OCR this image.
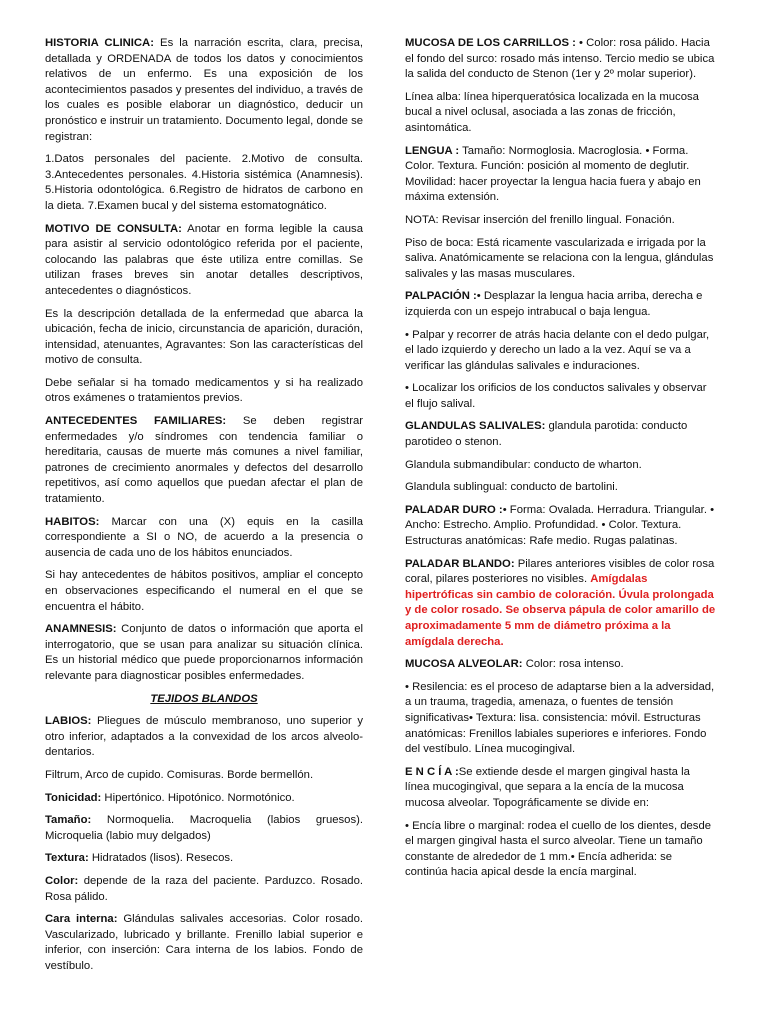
HISTORIA CLINICA: Es la narración escrita, clara, precisa, detallada y ORDENADA de todos los datos y conocimientos relativos de un enfermo. Es una exposición de los acontecimientos pasados y presentes del individuo, a través de los cuales es posible elaborar un diagnóstico, deducir un pronóstico e instruir un tratamiento. Documento legal, donde se registran:

1.Datos personales del paciente. 2.Motivo de consulta. 3.Antecedentes personales. 4.Historia sistémica (Anamnesis). 5.Historia odontológica. 6.Registro de hidratos de carbono en la dieta. 7.Examen bucal y del sistema estomatognático.

MOTIVO DE CONSULTA: Anotar en forma legible la causa para asistir al servicio odontológico referida por el paciente, colocando las palabras que éste utiliza entre comillas. Se utilizan frases breves sin anotar detalles descriptivos, antecedentes o diagnósticos.

Es la descripción detallada de la enfermedad que abarca la ubicación, fecha de inicio, circunstancia de aparición, duración, intensidad, atenuantes, Agravantes: Son las características del motivo de consulta.

Debe señalar si ha tomado medicamentos y si ha realizado otros exámenes o tratamientos previos.

ANTECEDENTES FAMILIARES: Se deben registrar enfermedades y/o síndromes con tendencia familiar o hereditaria, causas de muerte más comunes a nivel familiar, patrones de crecimiento anormales y defectos del desarrollo repetitivos, así como aquellos que puedan afectar el plan de tratamiento.

HABITOS: Marcar con una (X) equis en la casilla correspondiente a SI o NO, de acuerdo a la presencia o ausencia de cada uno de los hábitos enunciados.

Si hay antecedentes de hábitos positivos, ampliar el concepto en observaciones especificando el numeral en el que se encuentra el hábito.

ANAMNESIS: Conjunto de datos o información que aporta el interrogatorio, que se usan para analizar su situación clínica. Es un historial médico que puede proporcionarnos información relevante para diagnosticar posibles enfermedades.

TEJIDOS BLANDOS

LABIOS: Pliegues de músculo membranoso, uno superior y otro inferior, adaptados a la convexidad de los arcos alveolo-dentarios.

Filtrum, Arco de cupido. Comisuras. Borde bermellón.

Tonicidad: Hipertónico. Hipotónico. Normotónico.

Tamaño: Normoquelia. Macroquelia (labios gruesos). Microquelia (labio muy delgados)

Textura: Hidratados (lisos). Resecos.

Color: depende de la raza del paciente. Parduzco. Rosado. Rosa pálido.

Cara interna: Glándulas salivales accesorias. Color rosado. Vascularizado, lubricado y brillante. Frenillo labial superior e inferior, con inserción: Cara interna de los labios. Fondo de vestíbulo.

MUCOSA DE LOS CARRILLOS : • Color: rosa pálido. Hacia el fondo del surco: rosado más intenso. Tercio medio se ubica la salida del conducto de Stenon (1er y 2º molar superior).

Línea alba: línea hiperqueratósica localizada en la mucosa bucal a nivel oclusal, asociada a las zonas de fricción, asintomática.

LENGUA : Tamaño: Normoglosia. Macroglosia. • Forma. Color. Textura. Función: posición al momento de deglutir. Movilidad: hacer proyectar la lengua hacia fuera y abajo en máxima extensión.

NOTA: Revisar inserción del frenillo lingual. Fonación.

Piso de boca: Está ricamente vascularizada e irrigada por la saliva. Anatómicamente se relaciona con la lengua, glándulas salivales y las masas musculares.

PALPACIÓN :• Desplazar la lengua hacia arriba, derecha e izquierda con un espejo intrabucal o baja lengua.

• Palpar y recorrer de atrás hacia delante con el dedo pulgar, el lado izquierdo y derecho un lado a la vez. Aquí se va a verificar las glándulas salivales e induraciones.

• Localizar los orificios de los conductos salivales y observar el flujo salival.

GLANDULAS SALIVALES: glandula parotida: conducto parotideo o stenon.

Glandula submandibular: conducto de wharton.

Glandula sublingual: conducto de bartolini.

PALADAR DURO :• Forma: Ovalada. Herradura. Triangular. • Ancho: Estrecho. Amplio. Profundidad. • Color. Textura. Estructuras anatómicas: Rafe medio. Rugas palatinas.

PALADAR BLANDO: Pilares anteriores visibles de color rosa coral, pilares posteriores no visibles. Amígdalas hipertróficas sin cambio de coloración. Úvula prolongada y de color rosado. Se observa pápula de color amarillo de aproximadamente 5 mm de diámetro próxima a la amígdala derecha.

MUCOSA ALVEOLAR: Color: rosa intenso.

• Resilencia: es el proceso de adaptarse bien a la adversidad, a un trauma, tragedia, amenaza, o fuentes de tensión significativas• Textura: lisa. consistencia: móvil. Estructuras anatómicas: Frenillos labiales superiores e inferiores. Fondo del vestíbulo. Línea mucogingival.

E N C Í A :Se extiende desde el margen gingival hasta la línea mucogingival, que separa a la encía de la mucosa mucosa alveolar. Topográficamente se divide en:

• Encía libre o marginal: rodea el cuello de los dientes, desde el margen gingival hasta el surco alveolar. Tiene un tamaño constante de alrededor de 1 mm.• Encía adherida: se continúa hacia apical desde la encía marginal.
